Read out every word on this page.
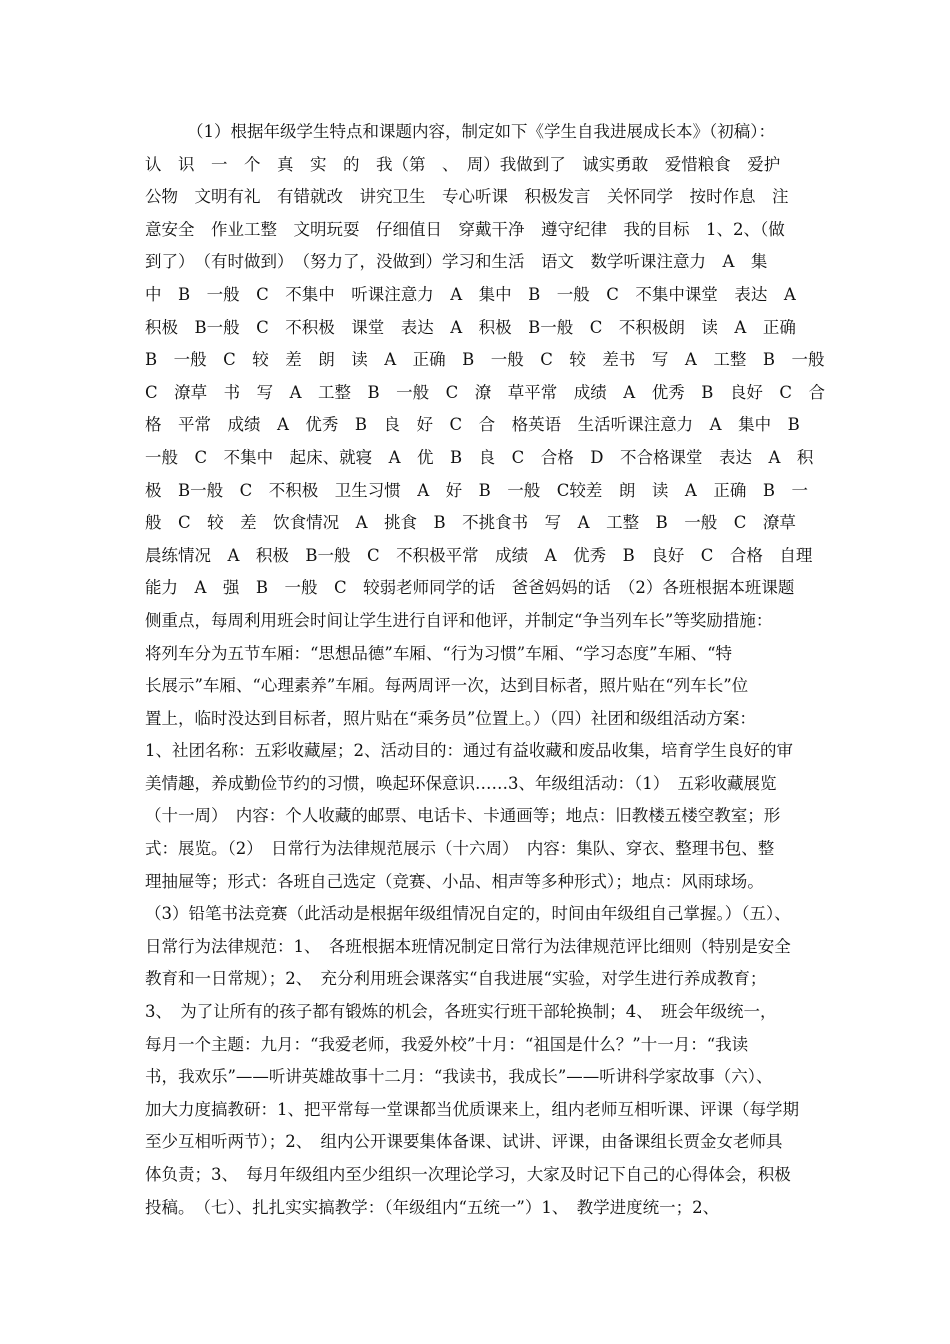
（1）根据年级学生特点和课题内容，制定如下《学生自我进展成长本》（初稿）：
认　识　一　个　真　实　的　我（第　、　周）我做到了　诚实勇敢　爱惜粮食　爱护
公物　文明有礼　有错就改　讲究卫生　专心听课　积极发言　关怀同学　按时作息　注
意安全　作业工整　文明玩耍　仔细值日　穿戴干净　遵守纪律　我的目标　1、2、（做
到了）　（有时做到）　（努力了，没做到）学习和生活　语文　数学听课注意力　A　集
中　B　一般　C　不集中　听课注意力　A　集中　B　一般　C　不集中课堂　表达　A
积极　B一般　C　不积极　课堂　表达　A　积极　B一般　C　不积极朗　读　A　正确
B　一般　C　较　差　朗　读　A　正确　B　一般　C　较　差书　写　A　工整　B　一般
C　潦草　书　写　A　工整　B　一般　C　潦　草平常　成绩　A　优秀　B　良好　C　合
格　平常　成绩　A　优秀　B　良　好　C　合　格英语　生活听课注意力　A　集中　B
一般　C　不集中　起床、就寝　A　优　B　良　C　合格　D　不合格课堂　表达　A　积
极　B一般　C　不积极　卫生习惯　A　好　B　一般　C较差　朗　读　A　正确　B　一
般　C　较　差　饮食情况　A　挑食　B　不挑食书　写　A　工整　B　一般　C　潦草
晨练情况　A　积极　B一般　C　不积极平常　成绩　A　优秀　B　良好　C　合格　自理
能力　A　强　B　一般　C　较弱老师同学的话　爸爸妈妈的话　（2）各班根据本班课题
侧重点，每周利用班会时间让学生进行自评和他评，并制定“争当列车长”等奖励措施：
将列车分为五节车厢：“思想品德”车厢、“行为习惯”车厢、“学习态度”车厢、“特
长展示”车厢、“心理素养”车厢。每两周评一次，达到目标者，照片贴在“列车长”位
置上，临时没达到目标者，照片贴在“乘务员”位置上。）（四）社团和级组活动方案：
1、社团名称：五彩收藏屋；2、活动目的：通过有益收藏和废品收集，培育学生良好的审
美情趣，养成勤俭节约的习惯，唤起环保意识……3、年级组活动：（1）　五彩收藏展览
（十一周）　内容：个人收藏的邮票、电话卡、卡通画等；地点：旧教楼五楼空教室；形
式：展览。（2）　日常行为法律规范展示（十六周）　内容：集队、穿衣、整理书包、整
理抽屉等；形式：各班自己选定（竞赛、小品、相声等多种形式）；地点：风雨球场。
（3）铅笔书法竞赛（此活动是根据年级组情况自定的，时间由年级组自己掌握。）（五）、
日常行为法律规范：1、　各班根据本班情况制定日常行为法律规范评比细则（特别是安全
教育和一日常规）；2、　充分利用班会课落实“自我进展“实验，对学生进行养成教育；
3、　为了让所有的孩子都有锻炼的机会，各班实行班干部轮换制；4、　班会年级统一，
每月一个主题：九月：“我爱老师，我爱外校”十月：“祖国是什么？”十一月：“我读
书，我欢乐”——听讲英雄故事十二月：“我读书，我成长”——听讲科学家故事（六）、
加大力度搞教研：1、把平常每一堂课都当优质课来上，组内老师互相听课、评课（每学期
至少互相听两节）；2、　组内公开课要集体备课、试讲、评课，由备课组长贾金女老师具
体负责；3、　每月年级组内至少组织一次理论学习，大家及时记下自己的心得体会，积极
投稿。　（七）、扎扎实实搞教学：（年级组内“五统一”）1、　教学进度统一；2、
